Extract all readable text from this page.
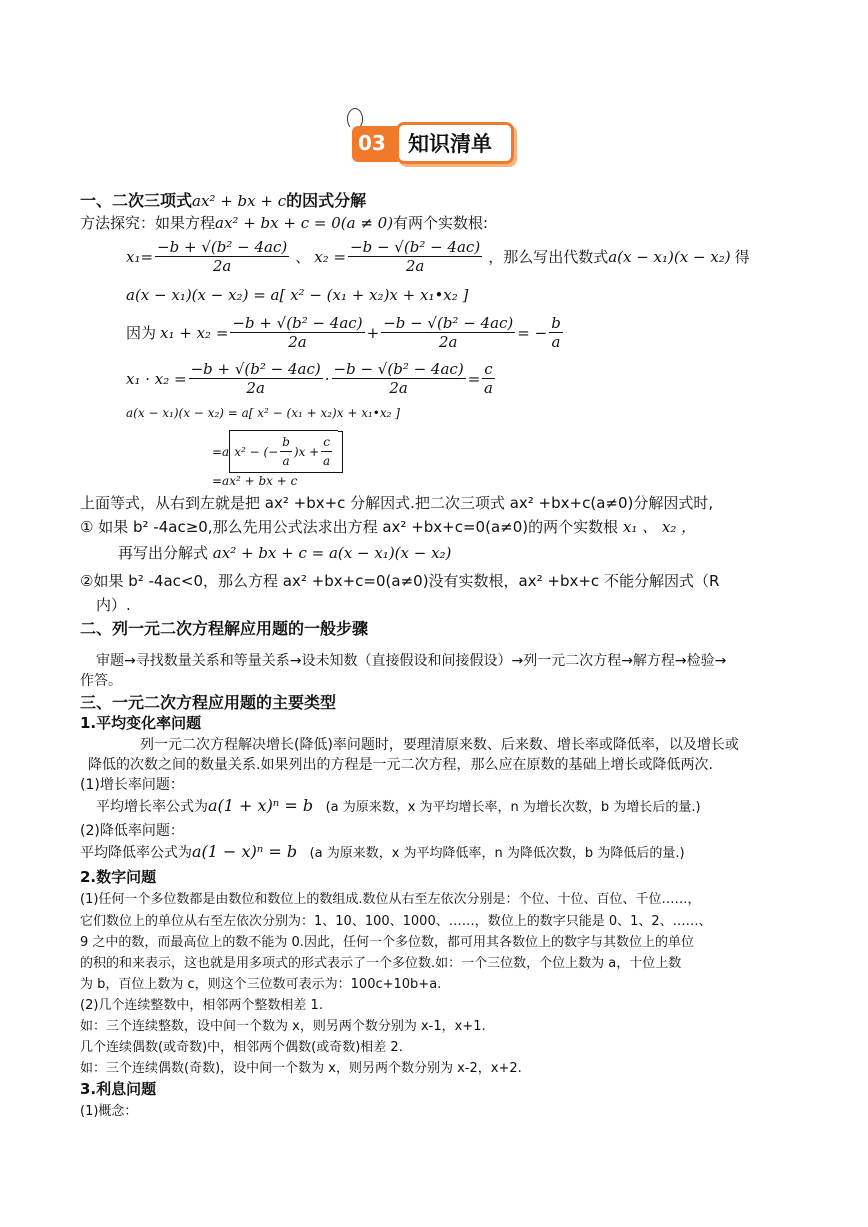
03 知识清单
一、二次三项式ax² + bx + c的因式分解
方法探究：如果方程ax² + bx + c = 0(a ≠ 0)有两个实数根:
$x_1= \frac{\text{−b + √(b² − 4ac)}}{2a}$ 、 $x_2 = \frac{\text{−b − √(b² − 4ac)}}{2a}$ ，那么写出代数式 a(x − x₁)(x − x₂) 得
a(x − x₁)(x − x₂) = a[ x² − (x₁ + x₂)x + x₁•x₂ ]
因为 $x_1 + x_2 = \frac{\text{−b + √(b² − 4ac)}}{2a} + \frac{\text{−b − √(b² − 4ac)}}{2a}$ = − $\frac{b}{a}$
$x_1 \cdot x_2 = \frac{\text{−b + √(b² − 4ac)}}{2a} \cdot \frac{\text{−b − √(b² − 4ac)}}{2a} = \frac{c}{a}$
a(x − x₁)(x − x₂) = a[ x² − (x₁ + x₂)x + x₁•x₂ ]
=a x² − (− $\frac{b}{a} )x + \frac{c}{a}$
=ax² + bx + c
上面等式，从右到左就是把 ax² +bx+c 分解因式.把二次三项式 ax² +bx+c(a≠0)分解因式时,
① 如果 b² -4ac≥0,那么先用公式法求出方程 ax² +bx+c=0(a≠0)的两个实数根 x₁ 、 x₂ ，
再写出分解式 ax² + bx + c = a(x − x₁)(x − x₂)
②如果 b² -4ac<0，那么方程 ax² +bx+c=0(a≠0)没有实数根，ax² +bx+c 不能分解因式（R
内）.
二、列一元二次方程解应用题的一般步骤
审题→寻找数量关系和等量关系→设未知数（直接假设和间接假设）→列一元二次方程→解方程→检验→
作答。
三、一元二次方程应用题的主要类型
1.平均变化率问题
列一元二次方程解决增长(降低)率问题时，要理清原来数、后来数、增长率或降低率，以及增长或
降低的次数之间的数量关系.如果列出的方程是一元二次方程，那么应在原数的基础上增长或降低两次.
(1)增长率问题：
平均增长率公式为a(1 + x)ⁿ = b (a 为原来数，x 为平均增长率，n 为增长次数，b 为增长后的量.)
(2)降低率问题：
平均降低率公式为a(1 − x)ⁿ = b (a 为原来数，x 为平均降低率，n 为降低次数，b 为降低后的量.)
2.数字问题
(1)任何一个多位数都是由数位和数位上的数组成.数位从右至左依次分别是：个位、十位、百位、千位……，
它们数位上的单位从右至左依次分别为：1、10、100、1000、……，数位上的数字只能是 0、1、2、……、
9 之中的数，而最高位上的数不能为 0.因此，任何一个多位数，都可用其各数位上的数字与其数位上的单位
的积的和来表示，这也就是用多项式的形式表示了一个多位数.如：一个三位数，个位上数为 a，十位上数
为 b，百位上数为 c，则这个三位数可表示为：100c+10b+a.
(2)几个连续整数中，相邻两个整数相差 1.
如：三个连续整数，设中间一个数为 x，则另两个数分别为 x-1，x+1.
几个连续偶数(或奇数)中，相邻两个偶数(或奇数)相差 2.
如：三个连续偶数(奇数)，设中间一个数为 x，则另两个数分别为 x-2，x+2.
3.利息问题
(1)概念：
